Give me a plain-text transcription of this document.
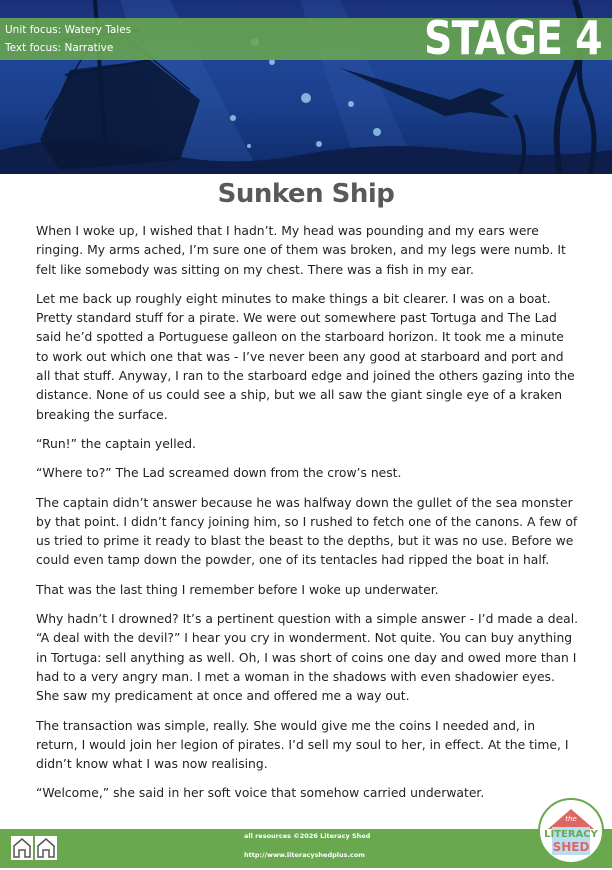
Unit focus: Watery Tales
Text focus: Narrative	STAGE 4
Sunken Ship

When I woke up, I wished that I hadn’t. My head was pounding and my ears were ringing. My arms ached, I’m sure one of them was broken, and my legs were numb. It felt like somebody was sitting on my chest. There was a fish in my ear.

Let me back up roughly eight minutes to make things a bit clearer. I was on a boat. Pretty standard stuff for a pirate. We were out somewhere past Tortuga and The Lad said he’d spotted a Portuguese galleon on the starboard horizon. It took me a minute to work out which one that was - I’ve never been any good at starboard and port and all that stuff. Anyway, I ran to the starboard edge and joined the others gazing into the distance. None of us could see a ship, but we all saw the giant single eye of a kraken breaking the surface.

“Run!” the captain yelled.

“Where to?” The Lad screamed down from the crow’s nest.

The captain didn’t answer because he was halfway down the gullet of the sea monster by that point. I didn’t fancy joining him, so I rushed to fetch one of the canons. A few of us tried to prime it ready to blast the beast to the depths, but it was no use. Before we could even tamp down the powder, one of its tentacles had ripped the boat in half.

That was the last thing I remember before I woke up underwater.

Why hadn’t I drowned? It’s a pertinent question with a simple answer - I’d made a deal. “A deal with the devil?” I hear you cry in wonderment. Not quite. You can buy anything in Tortuga: sell anything as well. Oh, I was short of coins one day and owed more than I had to a very angry man. I met a woman in the shadows with even shadowier eyes. She saw my predicament at once and offered me a way out.

The transaction was simple, really. She would give me the coins I needed and, in return, I would join her legion of pirates. I’d sell my soul to her, in effect. At the time, I didn’t know what I was now realising.

“Welcome,” she said in her soft voice that somehow carried underwater.

all resources ©2026 Literacy Shed
http://www.literacyshedplus.com
the
LITERACY
SHED
